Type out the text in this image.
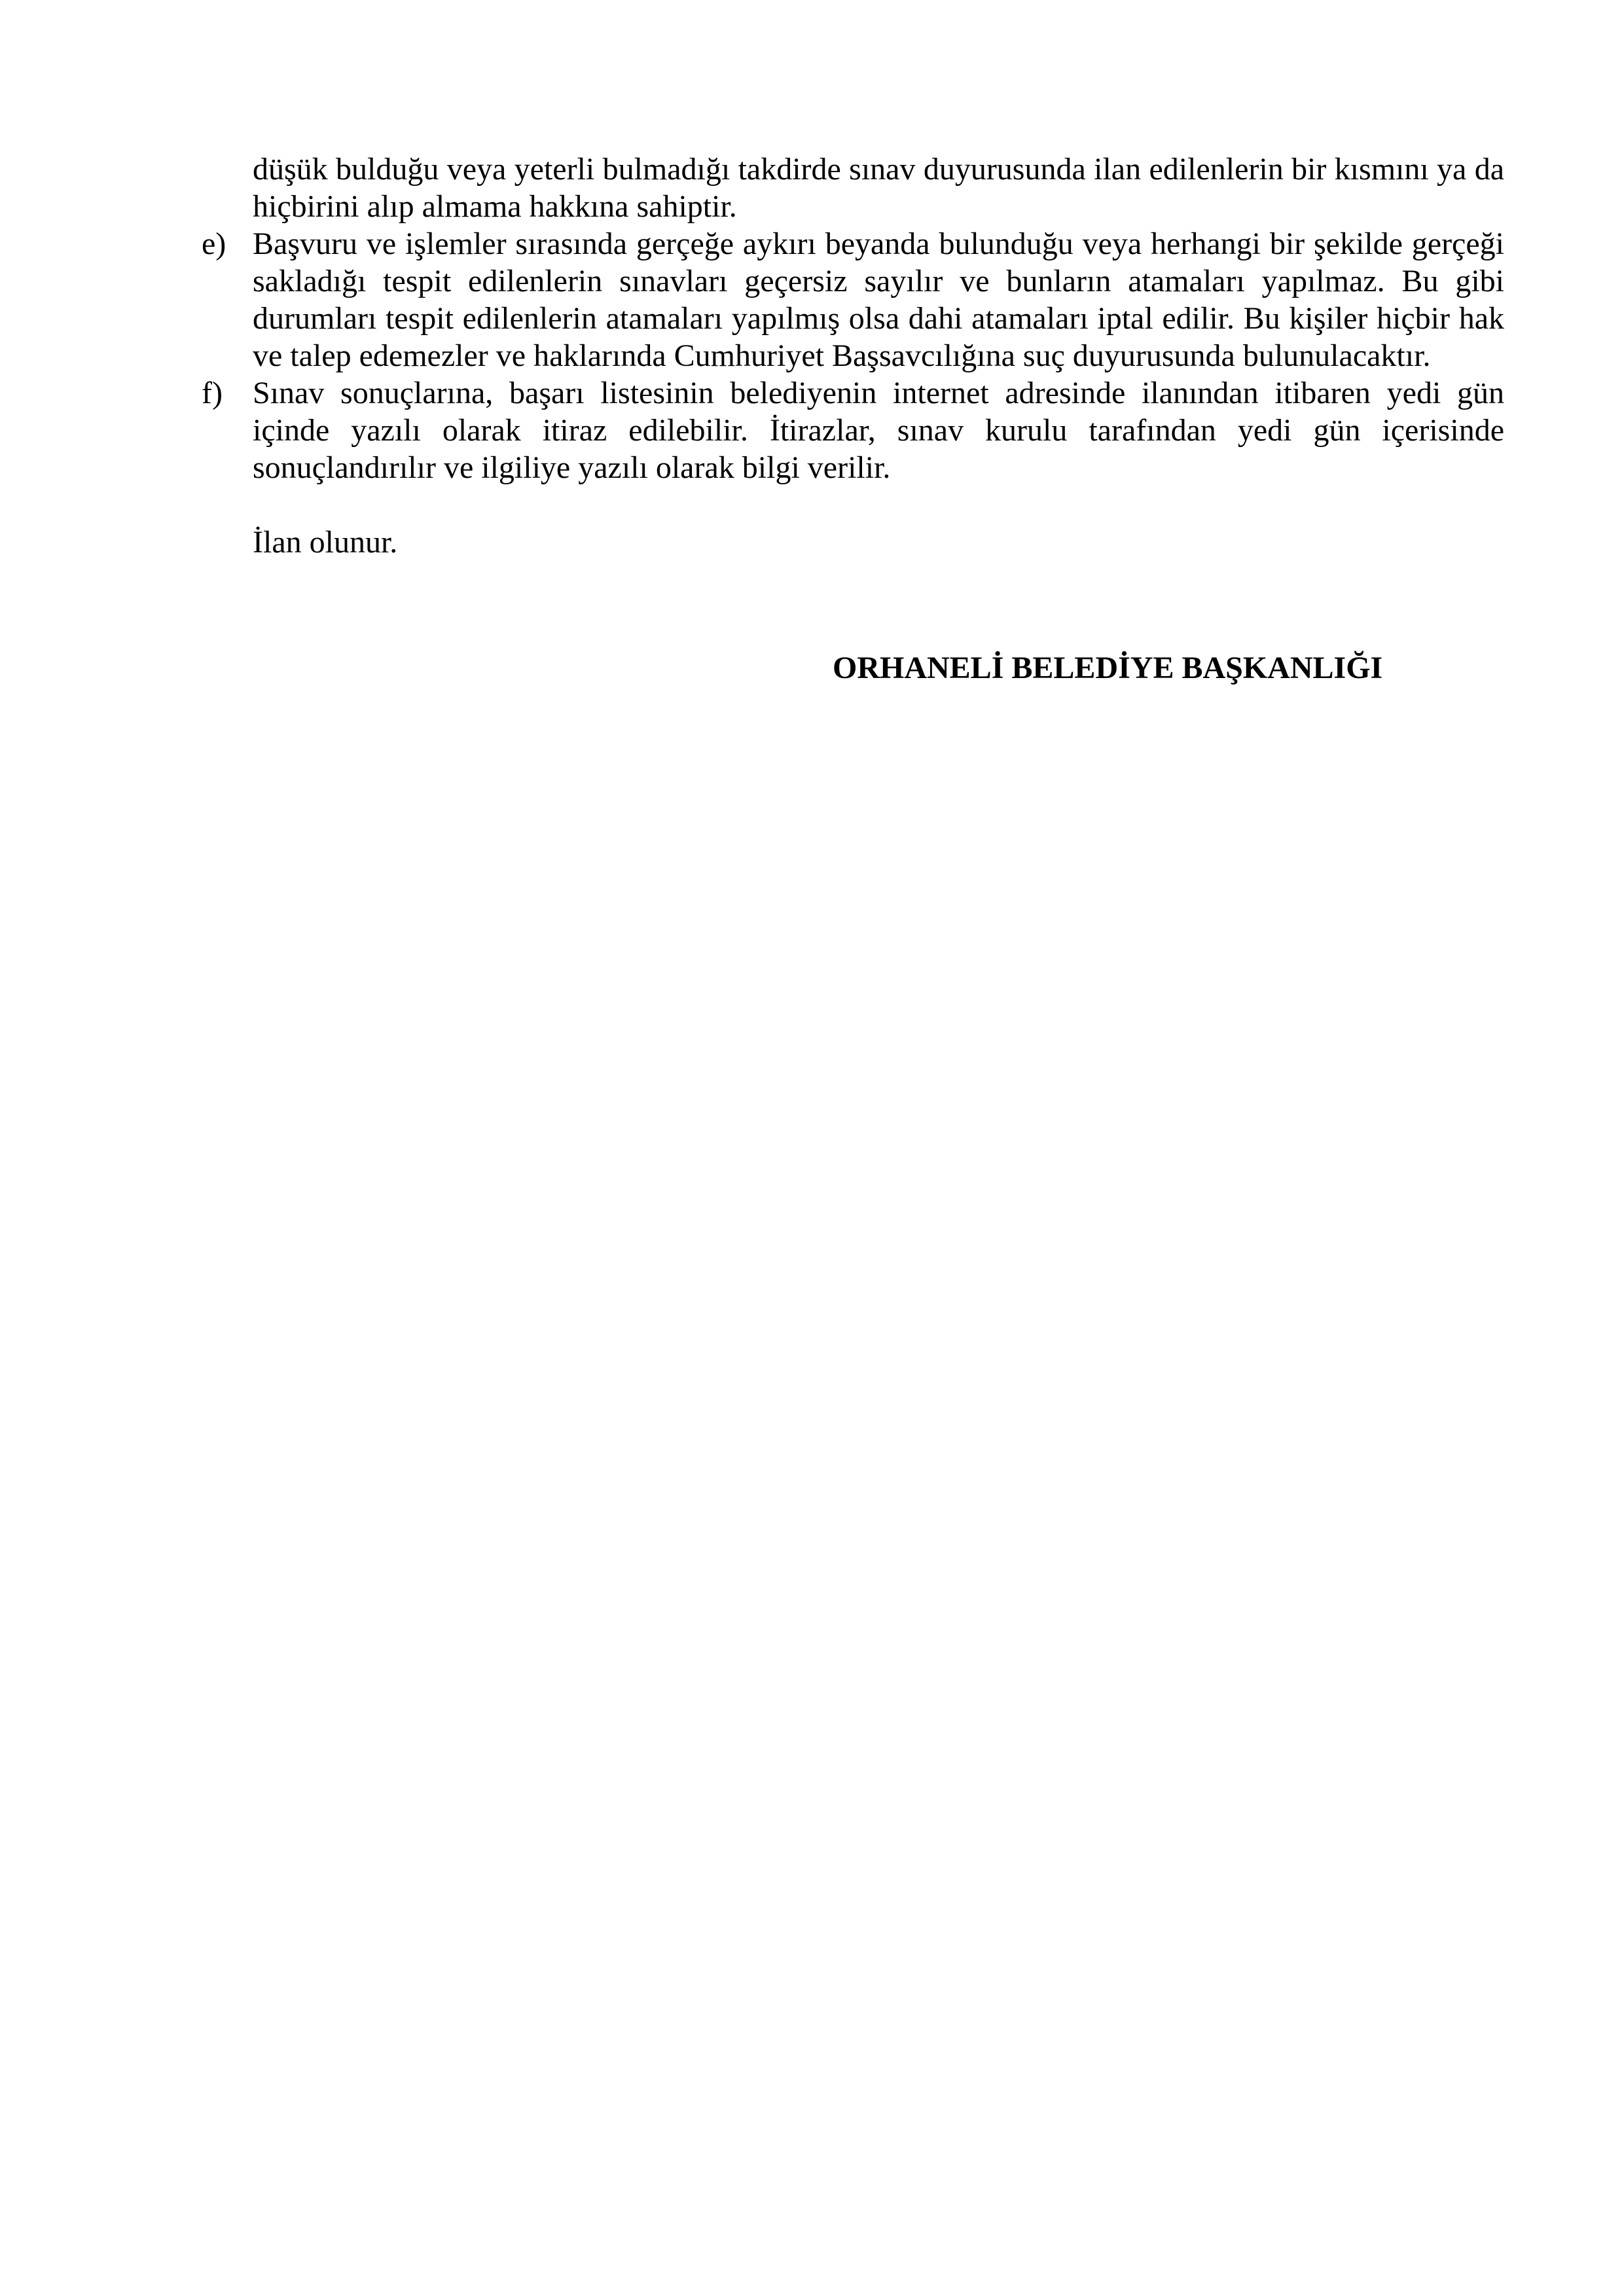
düşük bulduğu veya yeterli bulmadığı takdirde sınav duyurusunda ilan edilenlerin bir kısmını ya da hiçbirini alıp almama hakkına sahiptir.

e) Başvuru ve işlemler sırasında gerçeğe aykırı beyanda bulunduğu veya herhangi bir şekilde gerçeği sakladığı tespit edilenlerin sınavları geçersiz sayılır ve bunların atamaları yapılmaz. Bu gibi durumları tespit edilenlerin atamaları yapılmış olsa dahi atamaları iptal edilir. Bu kişiler hiçbir hak ve talep edemezler ve haklarında Cumhuriyet Başsavcılığına suç duyurusunda bulunulacaktır.
f) Sınav sonuçlarına, başarı listesinin belediyenin internet adresinde ilanından itibaren yedi gün içinde yazılı olarak itiraz edilebilir. İtirazlar, sınav kurulu tarafından yedi gün içerisinde sonuçlandırılır ve ilgiliye yazılı olarak bilgi verilir.

İlan olunur.

ORHANELİ BELEDİYE BAŞKANLIĞI
